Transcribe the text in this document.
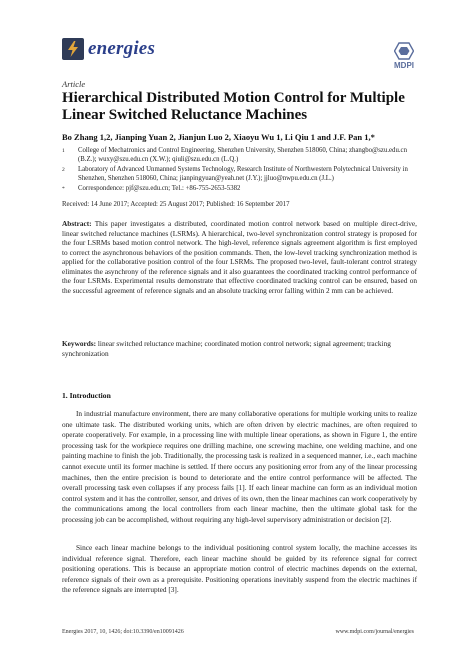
energies
MDPI
Article
Hierarchical Distributed Motion Control for Multiple Linear Switched Reluctance Machines
Bo Zhang 1,2, Jianping Yuan 2, Jianjun Luo 2, Xiaoyu Wu 1, Li Qiu 1 and J.F. Pan 1,*
1 College of Mechatronics and Control Engineering, Shenzhen University, Shenzhen 518060, China; zhangbo@szu.edu.cn (B.Z.); wuxy@szu.edu.cn (X.W.); qiuli@szu.edu.cn (L.Q.)
2 Laboratory of Advanced Unmanned Systems Technology, Research Institute of Northwestern Polytechnical University in Shenzhen, Shenzhen 518060, China; jianpingyuan@yeah.net (J.Y.); jjluo@nwpu.edu.cn (J.L.)
* Correspondence: pjf@szu.edu.cn; Tel.: +86-755-2653-5382
Received: 14 June 2017; Accepted: 25 August 2017; Published: 16 September 2017
Abstract: This paper investigates a distributed, coordinated motion control network based on multiple direct-drive, linear switched reluctance machines (LSRMs). A hierarchical, two-level synchronization control strategy is proposed for the four LSRMs based motion control network. The high-level, reference signals agreement algorithm is first employed to correct the asynchronous behaviors of the position commands. Then, the low-level tracking synchronization method is applied for the collaborative position control of the four LSRMs. The proposed two-level, fault-tolerant control strategy eliminates the asynchrony of the reference signals and it also guarantees the coordinated tracking control performance of the four LSRMs. Experimental results demonstrate that effective coordinated tracking control can be ensured, based on the successful agreement of reference signals and an absolute tracking error falling within 2 mm can be achieved.
Keywords: linear switched reluctance machine; coordinated motion control network; signal agreement; tracking synchronization
1. Introduction
In industrial manufacture environment, there are many collaborative operations for multiple working units to realize one ultimate task. The distributed working units, which are often driven by electric machines, are often required to operate cooperatively. For example, in a processing line with multiple linear operations, as shown in Figure 1, the entire processing task for the workpiece requires one drilling machine, one screwing machine, one welding machine, and one painting machine to finish the job. Traditionally, the processing task is realized in a sequenced manner, i.e., each machine cannot execute until its former machine is settled. If there occurs any positioning error from any of the linear processing machines, then the entire precision is bound to deteriorate and the entire control performance will be affected. The overall processing task even collapses if any process fails [1]. If each linear machine can form as an individual motion control system and it has the controller, sensor, and drives of its own, then the linear machines can work cooperatively by the communications among the local controllers from each linear machine, then the ultimate global task for the processing job can be accomplished, without requiring any high-level supervisory administration or decision [2].
Since each linear machine belongs to the individual positioning control system locally, the machine accesses its individual reference signal. Therefore, each linear machine should be guided by its reference signal for correct positioning operations. This is because an appropriate motion control of electric machines depends on the external, reference signals of their own as a prerequisite. Positioning operations inevitably suspend from the electric machines if the reference signals are interrupted [3].
Energies 2017, 10, 1426; doi:10.3390/en10091426	www.mdpi.com/journal/energies
